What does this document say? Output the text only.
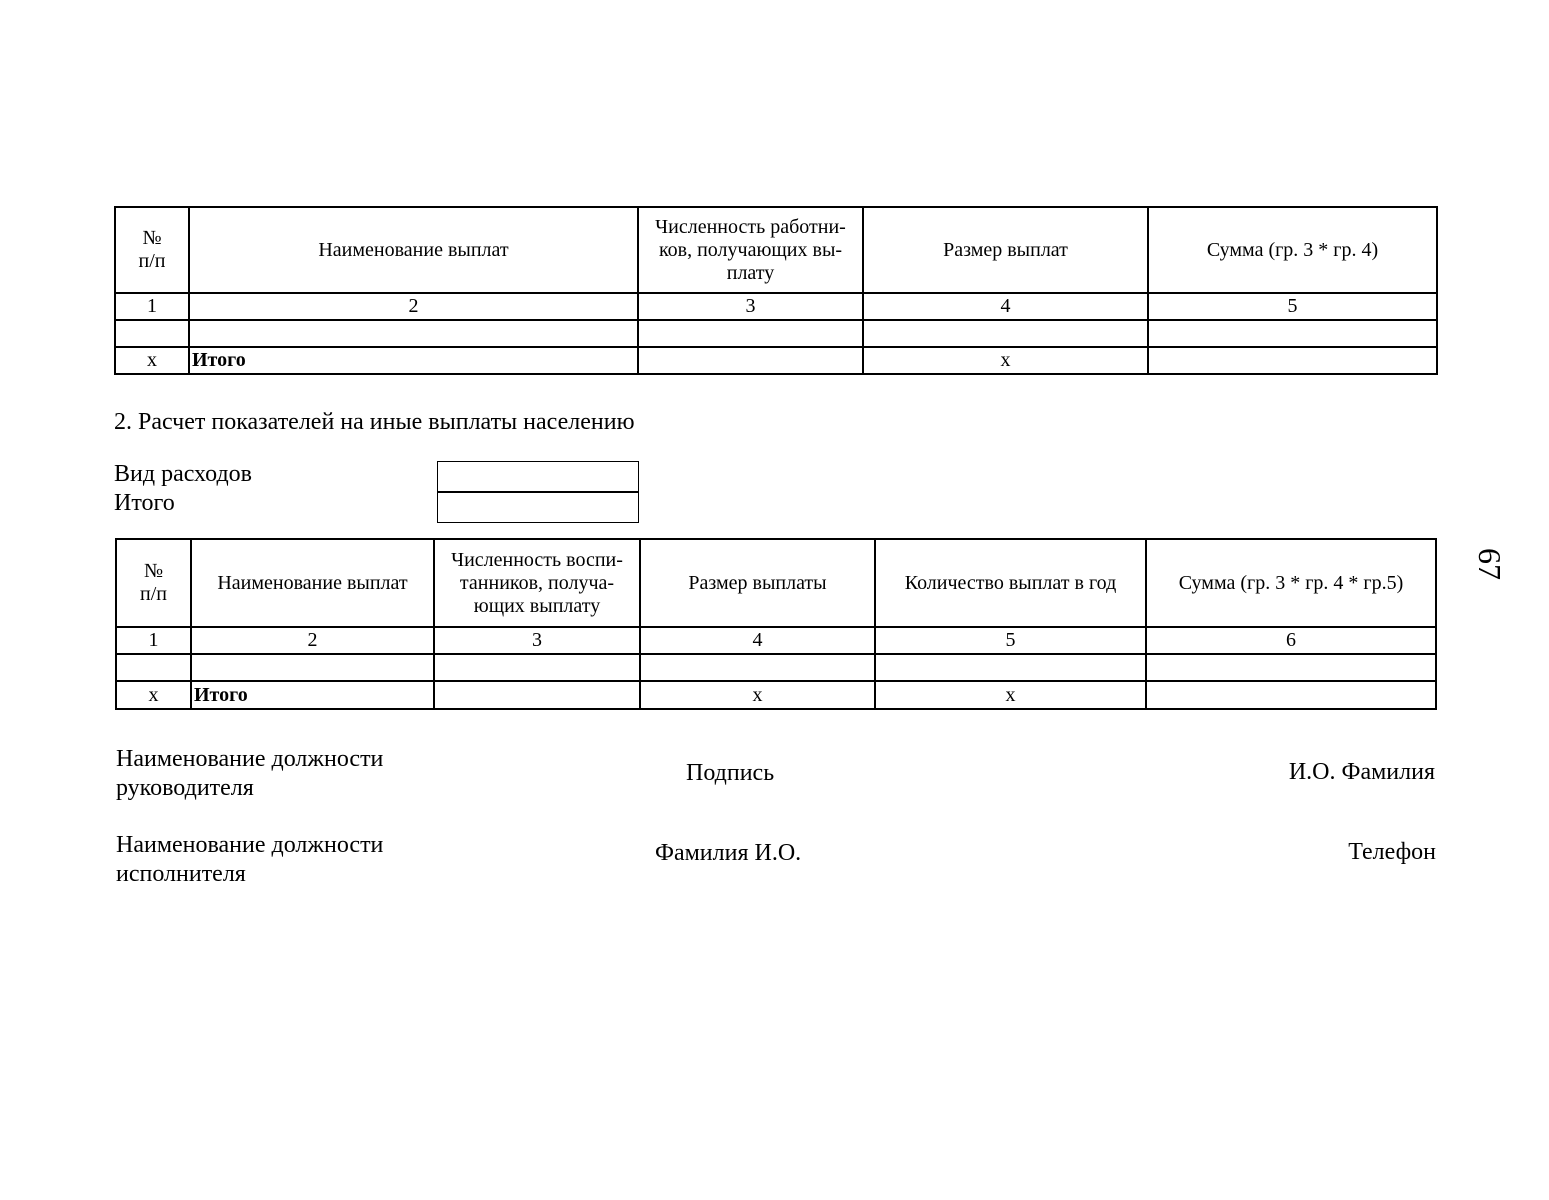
№
п/п	Наименование выплат	Численность работни-
ков, получающих вы-
плату	Размер выплат	Сумма (гр. 3 * гр. 4)
1	2	3	4	5

x	Итого		x	
2. Расчет показателей на иные выплаты населению
Вид расходов
Итого
№
п/п	Наименование выплат	Численность воспи-
танников, получа-
ющих выплату	Размер выплаты	Количество выплат в год	Сумма (гр. 3 * гр. 4 * гр.5)
1	2	3	4	5	6

x	Итого		x	x	
Наименование должности
руководителя
Подпись	И.О. Фамилия
Наименование должности
исполнителя
Фамилия И.О.	Телефон
67
